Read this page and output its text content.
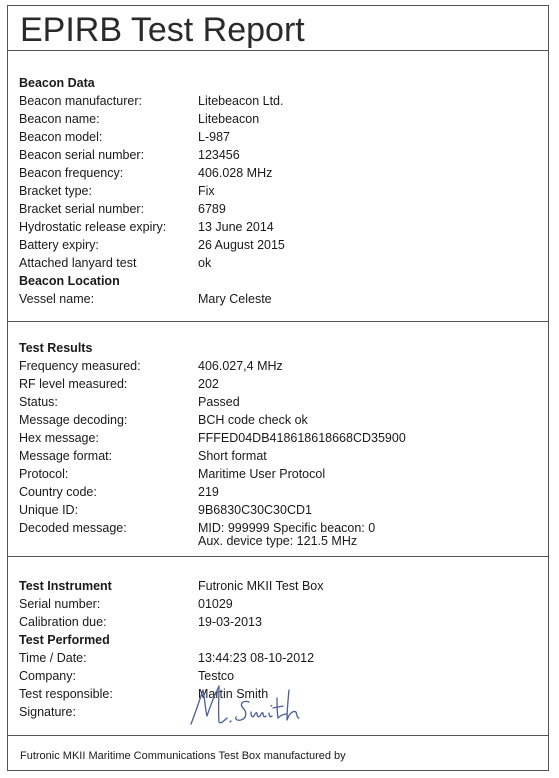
EPIRB Test Report
Beacon Data
Beacon manufacturer:	Litebeacon Ltd.
Beacon name:	Litebeacon
Beacon model:	L-987
Beacon serial number:	123456
Beacon frequency:	406.028 MHz
Bracket type:	Fix
Bracket serial number:	6789
Hydrostatic release expiry:	13 June 2014
Battery expiry:	26 August 2015
Attached lanyard test	ok
Beacon Location
Vessel name:	Mary Celeste
Test Results
Frequency measured:	406.027,4 MHz
RF level measured:	202
Status:	Passed
Message decoding:	BCH code check ok
Hex message:	FFFED04DB418618618668CD35900
Message format:	Short format
Protocol:	Maritime User Protocol
Country code:	219
Unique ID:	9B6830C30C30CD1
Decoded message:	MID: 999999 Specific beacon: 0
Aux. device type: 121.5 MHz
Test Instrument	Futronic MKII Test Box
Serial number:	01029
Calibration due:	19-03-2013
Test Performed
Time / Date:	13:44:23 08-10-2012
Company:	Testco
Test responsible:	Martin Smith
Signature:
Futronic MKII Maritime Communications Test Box manufactured by
